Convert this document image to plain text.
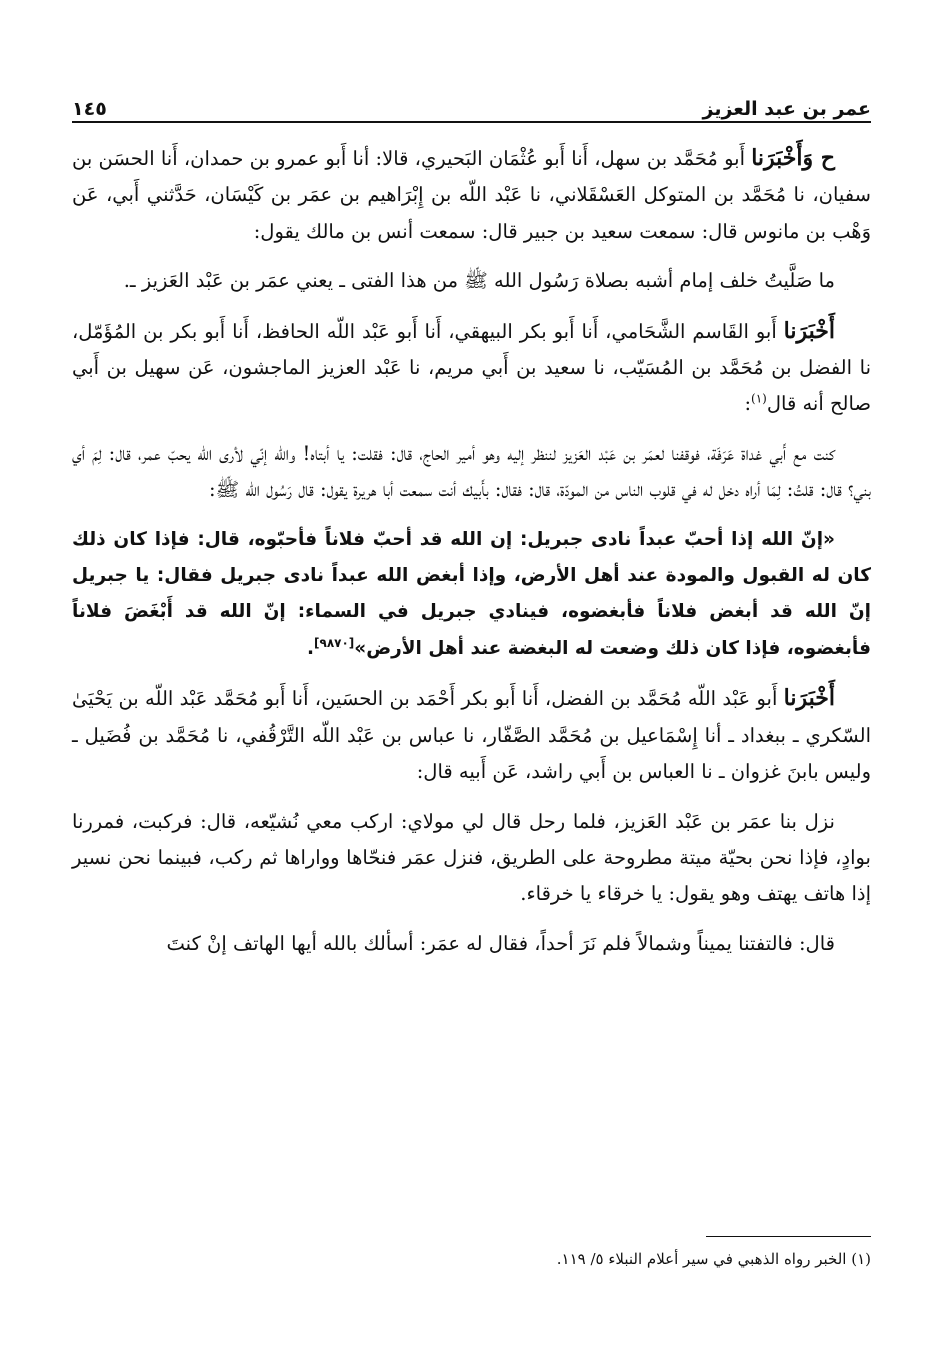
عمر بن عبد العزيز
١٤٥

ح وَأَخْبَرَنا أَبو مُحَمَّد بن سهل، أَنا أَبو عُثْمَان البَحيري، قالا: أنا أَبو عمرو بن حمدان، أَنا الحسَن بن سفيان، نا مُحَمَّد بن المتوكل العَسْقَلاني، نا عَبْد اللّه بن إِبْرَاهيم بن عمَر بن كَيْسَان، حَدَّثني أَبي، عَن وَهْب بن مانوس قال: سمعت سعيد بن جبير قال: سمعت أنس بن مالك يقول:

ما صَلَّيتُ خلف إمام أشبه بصلاة رَسُول الله ﷺ من هذا الفتى ـ يعني عمَر بن عَبْد العَزيز ـ.

أَخْبَرَنا أَبو القَاسم الشَّحَامي، أَنا أَبو بكر البيهقي، أَنا أَبو عَبْد اللّه الحافظ، أَنا أَبو بكر بن المُؤَمّل، نا الفضل بن مُحَمَّد بن المُسَيّب، نا سعيد بن أَبي مريم، نا عَبْد العزيز الماجشون، عَن سهيل بن أَبي صالح أنه قال$^{(١)}$:

كنت مع أَبي غداة عَرَفَة، فوقفنا لعمَر بن عَبْد العَزيز لننظر إليه وهو أمير الحاج، قال: فقلت: يا أبتاه! والله إنّي لأرى الله يحبّ عمر، قال: لِمَ أي بني؟ قال: قلتُ: لِمَا أراه دخل له في قلوب الناس من المودّة، قال: فقال: بأَبيك أنت سمعت أبا هريرة يقول: قال رَسُول الله ﷺ:

«إنّ الله إذا أحبّ عبداً نادى جبريل: إن الله قد أحبّ فلاناً فأحبّوه، قال: فإذا كان ذلك كان له القبول والمودة عند أهل الأرض، وإذا أبغض الله عبداً نادى جبريل فقال: يا جبريل إنّ الله قد أبغض فلاناً فأبغضوه، فينادي جبريل في السماء: إنّ الله قد أَبْغَضَ فلاناً فأبغضوه، فإذا كان ذلك وضعت له البغضة عند أهل الأرض»[٩٨٧٠].

أَخْبَرَنا أَبو عَبْد اللّه مُحَمَّد بن الفضل، أَنا أَبو بكر أَحْمَد بن الحسَين، أَنا أَبو مُحَمَّد عَبْد اللّه بن يَحْيَىٰ السّكري ـ ببغداد ـ أنا إِسْمَاعيل بن مُحَمَّد الصَّفّار، نا عباس بن عَبْد اللّه التَّرْقُفي، نا مُحَمَّد بن فُضَيل ـ وليس بابنَ غزوان ـ نا العباس بن أَبي راشد، عَن أَبيه قال:

نزل بنا عمَر بن عَبْد العَزيز، فلما رحل قال لي مولاي: اركب معي نُشيّعه، قال: فركبت، فمررنا بوادٍ، فإذا نحن بحيّة ميتة مطروحة على الطريق، فنزل عمَر فنحّاها وواراها ثم ركب، فبينما نحن نسير إذا هاتف يهتف وهو يقول: يا خرقاء يا خرقاء.

قال: فالتفتنا يميناً وشمالاً فلم نَرَ أحداً، فقال له عمَر: أسألك بالله أيها الهاتف إنْ كنتَ

(١) الخبر رواه الذهبي في سير أعلام النبلاء ٥/ ١١٩.
